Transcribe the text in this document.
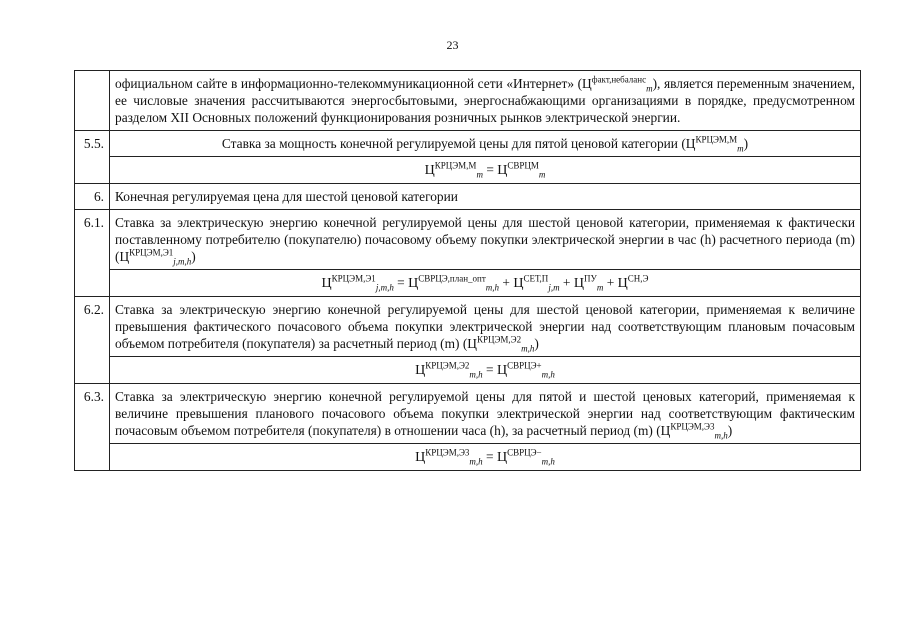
23
	официальном сайте в информационно-телекоммуникационной сети «Интернет» $(Ц^{факт,небаланс}_m)$, является переменным значением, ее числовые значения рассчитываются энергосбытовыми, энергоснабжающими организациями в порядке, предусмотренном разделом XII Основных положений функционирования розничных рынков электрической энергии.
5.5.	Ставка за мощность конечной регулируемой цены для пятой ценовой категории $(Ц^{КРЦЭМ,М}_m)$
	$Ц^{КРЦЭМ,М}_m = Ц^{СВРЦМ}_m$
6.	Конечная регулируемая цена для шестой ценовой категории
6.1.	Ставка за электрическую энергию конечной регулируемой цены для шестой ценовой категории, применяемая к фактически поставленному потребителю (покупателю) почасовому объему покупки электрической энергии в час (h) расчетного периода (m) $(Ц^{КРЦЭМ,Э1}_{j,m,h})$
	$Ц^{КРЦЭМ,Э1}_{j,m,h} = Ц^{СВРЦЭ,план\_опт}_{m,h} + Ц^{СЕТ,П}_{j,m} + Ц^{ПУ}_m + Ц^{СН,Э}$
6.2.	Ставка за электрическую энергию конечной регулируемой цены для шестой ценовой категории, применяемая к величине превышения фактического почасового объема покупки электрической энергии над соответствующим плановым почасовым объемом потребителя (покупателя) за расчетный период (m) $(Ц^{КРЦЭМ,Э2}_{m,h})$
	$Ц^{КРЦЭМ,Э2}_{m,h} = Ц^{СВРЦЭ+}_{m,h}$
6.3.	Ставка за электрическую энергию конечной регулируемой цены для пятой и шестой ценовых категорий, применяемая к величине превышения планового почасового объема покупки электрической энергии над соответствующим фактическим почасовым объемом потребителя (покупателя) в отношении часа (h), за расчетный период (m) $(Ц^{КРЦЭМ,Э3}_{m,h})$
	$Ц^{КРЦЭМ,Э3}_{m,h} = Ц^{СВРЦЭ-}_{m,h}$
